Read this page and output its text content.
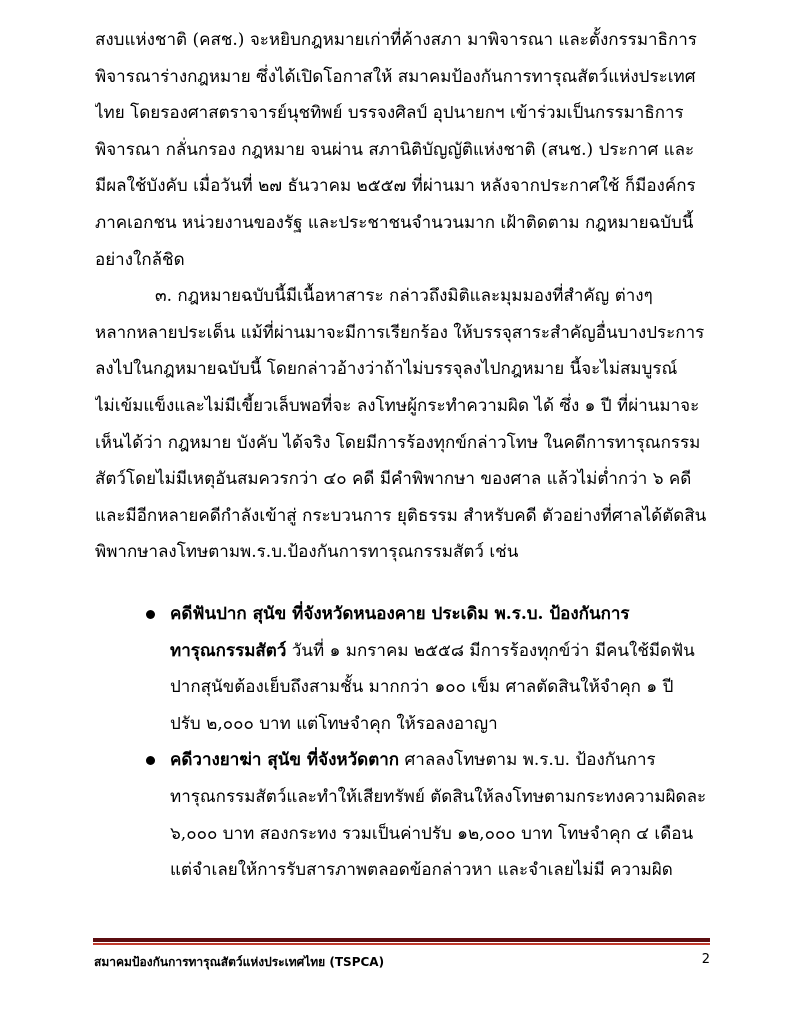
สงบแห่งชาติ (คสช.) จะหยิบกฎหมายเก่าที่ค้างสภา มาพิจารณา และตั้งกรรมาธิการ
พิจารณาร่างกฎหมาย ซึ่งได้เปิดโอกาสให้ สมาคมป้องกันการทารุณสัตว์แห่งประเทศ
ไทย โดยรองศาสตราจารย์นุชทิพย์ บรรจงศิลป์ อุปนายกฯ เข้าร่วมเป็นกรรมาธิการ
พิจารณา กลั่นกรอง กฎหมาย จนผ่าน สภานิติบัญญัติแห่งชาติ (สนช.) ประกาศ และ
มีผลใช้บังคับ เมื่อวันที่ ๒๗ ธันวาคม ๒๕๕๗ ที่ผ่านมา หลังจากประกาศใช้ ก็มีองค์กร
ภาคเอกชน หน่วยงานของรัฐ และประชาชนจำนวนมาก เฝ้าติดตาม กฎหมายฉบับนี้
อย่างใกล้ชิด

๓. กฎหมายฉบับนี้มีเนื้อหาสาระ กล่าวถึงมิติและมุมมองที่สำคัญ ต่างๆ
หลากหลายประเด็น แม้ที่ผ่านมาจะมีการเรียกร้อง ให้บรรจุสาระสำคัญอื่นบางประการ
ลงไปในกฎหมายฉบับนี้ โดยกล่าวอ้างว่าถ้าไม่บรรจุลงไปกฎหมาย นี้จะไม่สมบูรณ์
ไม่เข้มแข็งและไม่มีเขี้ยวเล็บพอที่จะ ลงโทษผู้กระทำความผิด ได้ ซึ่ง ๑ ปี ที่ผ่านมาจะ
เห็นได้ว่า กฎหมาย บังคับ ได้จริง โดยมีการร้องทุกข์กล่าวโทษ ในคดีการทารุณกรรม
สัตว์โดยไม่มีเหตุอันสมควรกว่า ๔๐ คดี มีคำพิพากษา ของศาล แล้วไม่ต่ำกว่า ๖ คดี
และมีอีกหลายคดีกำลังเข้าสู่ กระบวนการ ยุติธรรม สำหรับคดี ตัวอย่างที่ศาลได้ตัดสิน
พิพากษาลงโทษตามพ.ร.บ.ป้องกันการทารุณกรรมสัตว์ เช่น

คดีฟันปาก สุนัข ที่จังหวัดหนองคาย ประเดิม พ.ร.บ. ป้องกันการ
ทารุณกรรมสัตว์ วันที่ ๑ มกราคม ๒๕๕๘ มีการร้องทุกข์ว่า มีคนใช้มีดฟัน
ปากสุนัขต้องเย็บถึงสามชั้น มากกว่า ๑๐๐ เข็ม ศาลตัดสินให้จำคุก ๑ ปี
ปรับ ๒,๐๐๐ บาท แต่โทษจำคุก ให้รอลงอาญา
คดีวางยาฆ่า สุนัข ที่จังหวัดตาก ศาลลงโทษตาม พ.ร.บ. ป้องกันการ
ทารุณกรรมสัตว์และทำให้เสียทรัพย์ ตัดสินให้ลงโทษตามกระทงความผิดละ
๖,๐๐๐ บาท สองกระทง รวมเป็นค่าปรับ ๑๒,๐๐๐ บาท โทษจำคุก ๔ เดือน
แต่จำเลยให้การรับสารภาพตลอดข้อกล่าวหา และจำเลยไม่มี ความผิด
สมาคมป้องกันการทารุณสัตว์แห่งประเทศไทย (TSPCA)	2
